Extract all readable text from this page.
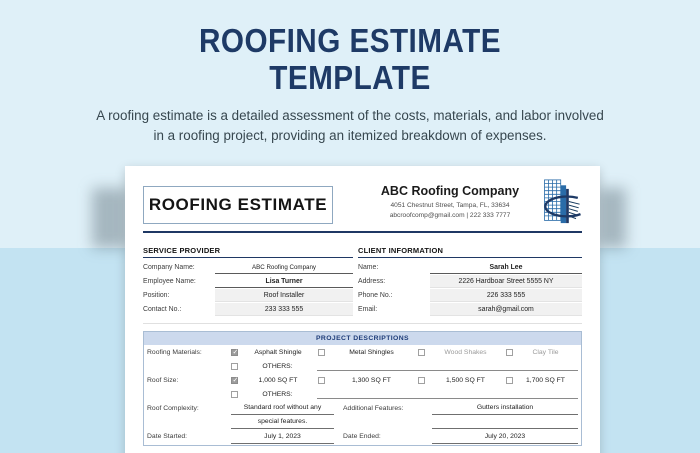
ROOFING ESTIMATE
TEMPLATE
A roofing estimate is a detailed assessment of the costs, materials, and labor involved
in a roofing project, providing an itemized breakdown of expenses.
ROOFING ESTIMATE
ABC Roofing Company
4051 Chestnut Street, Tampa, FL, 33634
abcroofcomp@gmail.com | 222 333 7777
SERVICE PROVIDER
Company Name:	ABC Roofing Company
Employee Name:	Lisa Turner
Position:	Roof Installer
Contact No.:	233 333 555
CLIENT INFORMATION
Name:	Sarah Lee
Address:	2226 Hardboar Street 5555 NY
Phone No.:	226 333 555
Email:	sarah@gmail.com
PROJECT DESCRIPTIONS
Roofing Materials: ✓	Asphalt Shingle	Metal Shingles	Wood Shakes	Clay Tile
OTHERS:
Roof Size: ✓	1,000 SQ FT	1,300 SQ FT	1,500 SQ FT	1,700 SQ FT
OTHERS:
Roof Complexity:	Standard roof without any	Additional Features:	Gutters installation
special features.
Date Started:	July 1, 2023	Date Ended:	July 20, 2023
